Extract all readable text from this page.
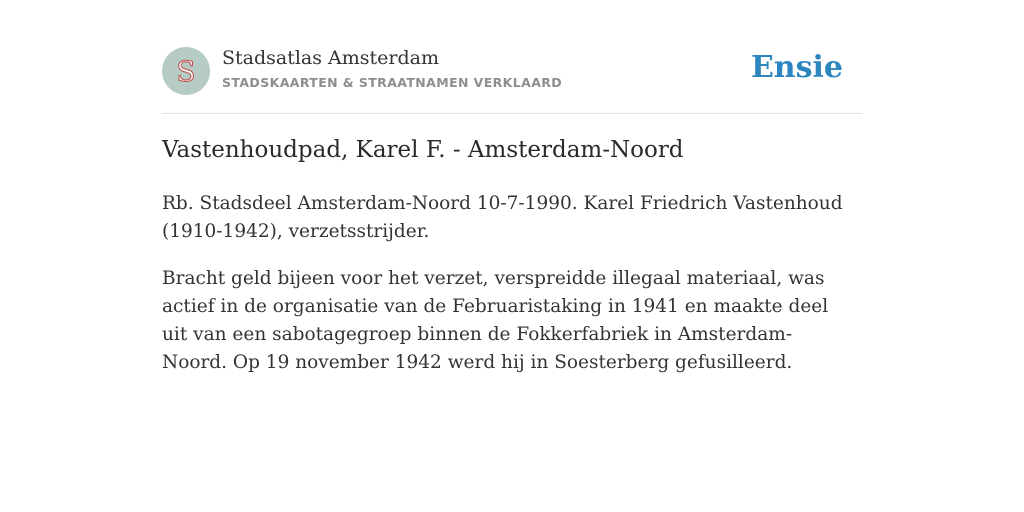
S Stadsatlas Amsterdam
STADSKAARTEN & STRAATNAMEN VERKLAARD	Ensie
Vastenhoudpad, Karel F. - Amsterdam-Noord

Rb. Stadsdeel Amsterdam-Noord 10-7-1990. Karel Friedrich Vastenhoud (1910-1942), verzetsstrijder.

Bracht geld bijeen voor het verzet, verspreidde illegaal materiaal, was actief in de organisatie van de Februaristaking in 1941 en maakte deel uit van een sabotagegroep binnen de Fokkerfabriek in Amsterdam-Noord. Op 19 november 1942 werd hij in Soesterberg gefusilleerd.
